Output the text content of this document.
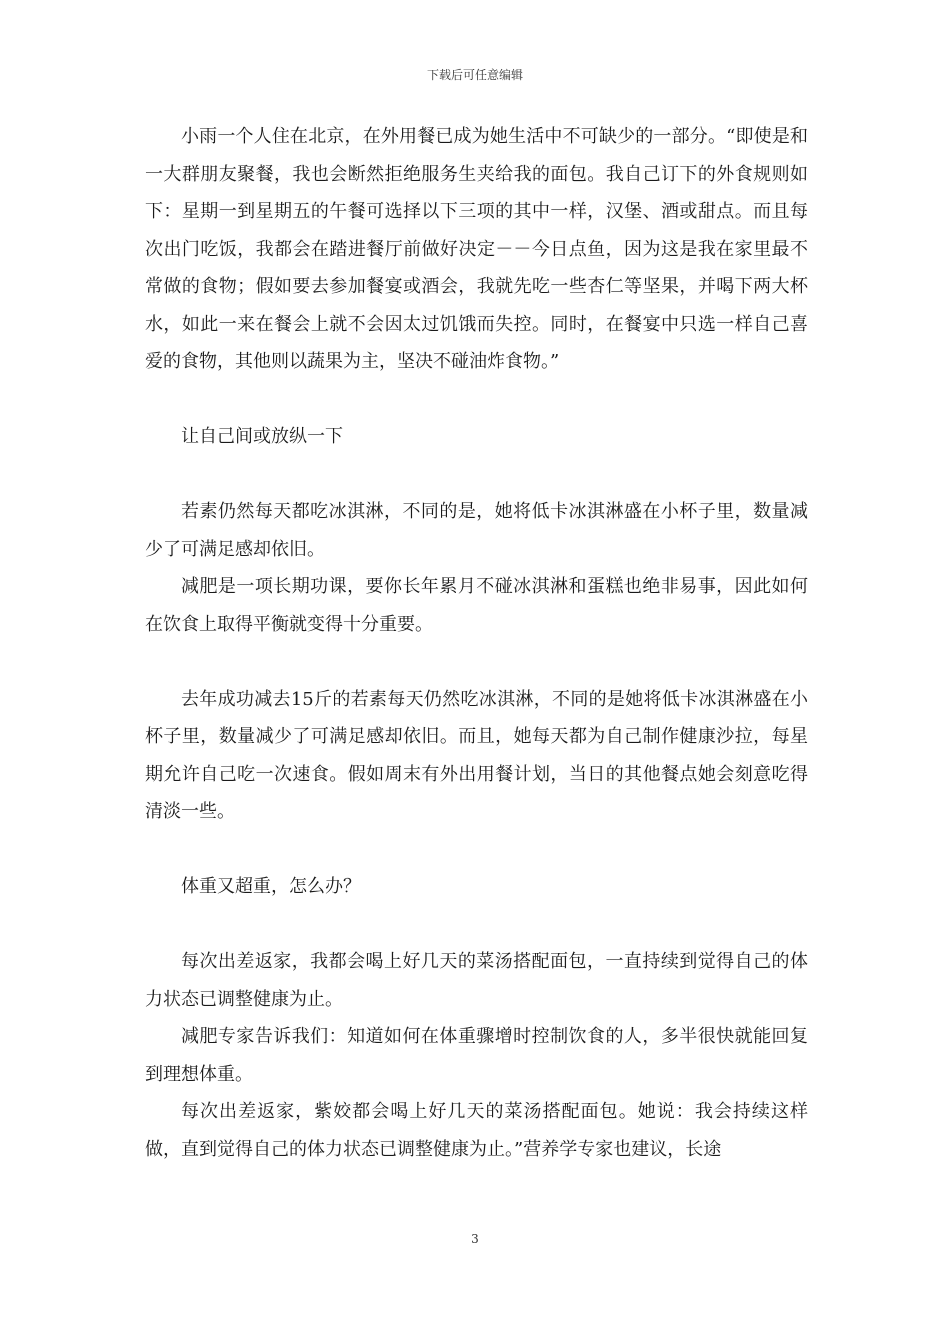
下载后可任意编辑

小雨一个人住在北京，在外用餐已成为她生活中不可缺少的一部分。“即使是和一大群朋友聚餐，我也会断然拒绝服务生夹给我的面包。我自己订下的外食规则如下：星期一到星期五的午餐可选择以下三项的其中一样，汉堡、酒或甜点。而且每次出门吃饭，我都会在踏进餐厅前做好决定－－今日点鱼，因为这是我在家里最不常做的食物；假如要去参加餐宴或酒会，我就先吃一些杏仁等坚果，并喝下两大杯水，如此一来在餐会上就不会因太过饥饿而失控。同时，在餐宴中只选一样自己喜爱的食物，其他则以蔬果为主，坚决不碰油炸食物。”

让自己间或放纵一下

若素仍然每天都吃冰淇淋，不同的是，她将低卡冰淇淋盛在小杯子里，数量减少了可满足感却依旧。

减肥是一项长期功课，要你长年累月不碰冰淇淋和蛋糕也绝非易事，因此如何在饮食上取得平衡就变得十分重要。

去年成功减去15斤的若素每天仍然吃冰淇淋，不同的是她将低卡冰淇淋盛在小杯子里，数量减少了可满足感却依旧。而且，她每天都为自己制作健康沙拉，每星期允许自己吃一次速食。假如周末有外出用餐计划，当日的其他餐点她会刻意吃得清淡一些。

体重又超重，怎么办？

每次出差返家，我都会喝上好几天的菜汤搭配面包，一直持续到觉得自己的体力状态已调整健康为止。

减肥专家告诉我们：知道如何在体重骤增时控制饮食的人，多半很快就能回复到理想体重。

每次出差返家，紫姣都会喝上好几天的菜汤搭配面包。她说：我会持续这样做，直到觉得自己的体力状态已调整健康为止。”营养学专家也建议，长途

3
